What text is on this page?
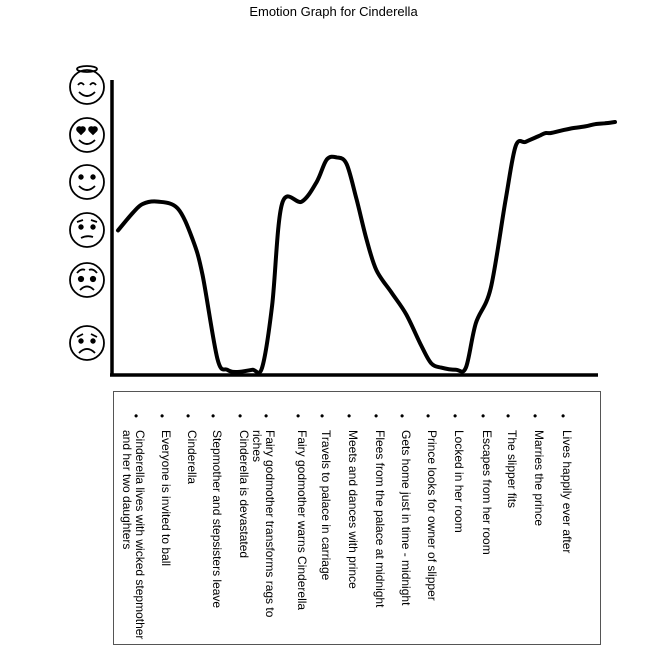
Emotion Graph for Cinderella
•
Cinderella lives with wicked stepmother and her two daughters
•
Everyone is invited to ball
•
Cinderella
•
Stepmother and stepsisters leave
•
Cinderella is devastated
•
Fairy godmother transforms rags to riches
•
Fairy godmother warns Cinderella
•
Travels to palace in carriage
•
Meets and dances with prince
•
Flees from the palace at midnight
•
Gets home just in time - midnight
•
Prince looks for owner of slipper
•
Locked in her room
•
Escapes from her room
•
The slipper fits
•
Marries the prince
•
Lives happily ever after
